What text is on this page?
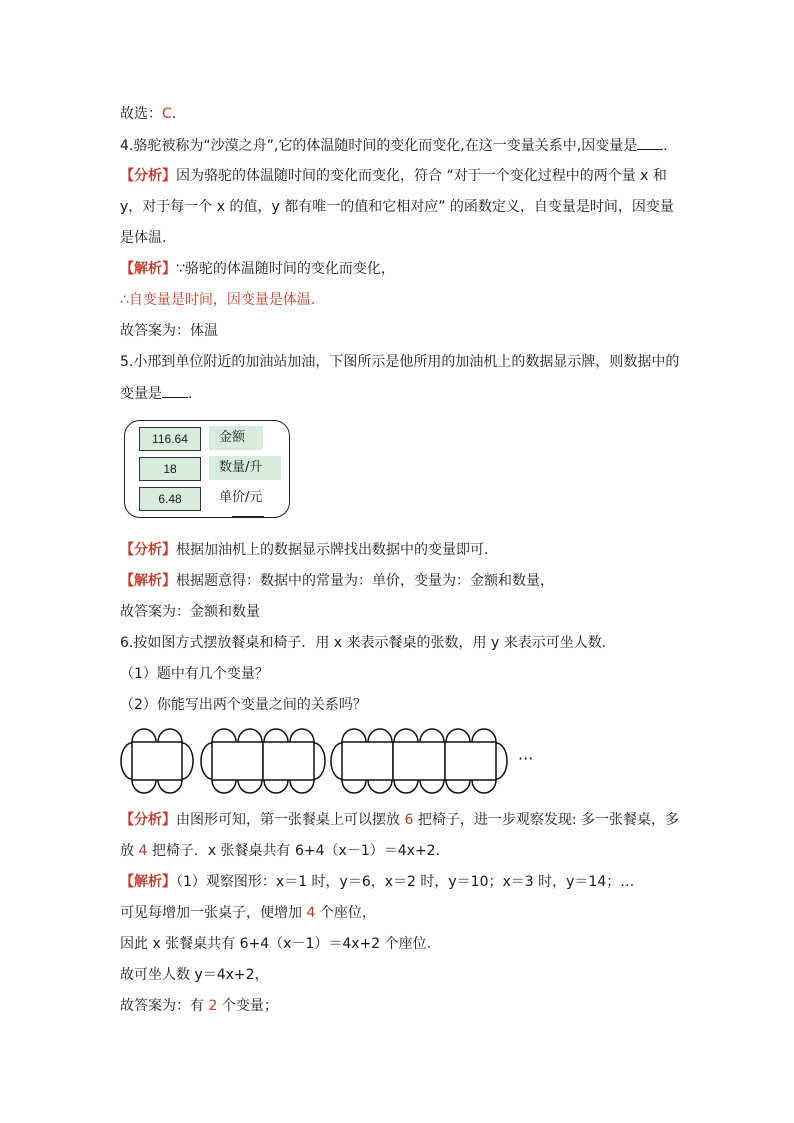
故选：C.
4.骆驼被称为“沙漠之舟”,它的体温随时间的变化而变化,在这一变量关系中,因变量是 .
【分析】因为骆驼的体温随时间的变化而变化，符合 “对于一个变化过程中的两个量 x 和
y，对于每一个 x 的值，y 都有唯一的值和它相对应” 的函数定义，自变量是时间，因变量
是体温.
【解析】∵骆驼的体温随时间的变化而变化，
∴自变量是时间，因变量是体温.
故答案为：体温
5.小邢到单位附近的加油站加油，下图所示是他所用的加油机上的数据显示牌，则数据中的
变量是 .
116.64	金额
18	数量/升
6.48	单价/元
【分析】根据加油机上的数据显示牌找出数据中的变量即可.
【解析】根据题意得：数据中的常量为：单价，变量为：金额和数量，
故答案为：金额和数量
6.按如图方式摆放餐桌和椅子．用 x 来表示餐桌的张数，用 y 来表示可坐人数.
（1）题中有几个变量？
（2）你能写出两个变量之间的关系吗？
···
【分析】由图形可知，第一张餐桌上可以摆放 6 把椅子，进一步观察发现: 多一张餐桌，多
放 4 把椅子．x 张餐桌共有 6+4（x－1）＝4x+2.
【解析】（1）观察图形：x＝1 时，y＝6，x＝2 时，y＝10；x＝3 时，y＝14；…
可见每增加一张桌子，便增加 4 个座位，
因此 x 张餐桌共有 6+4（x－1）＝4x+2 个座位.
故可坐人数 y＝4x+2，
故答案为：有 2 个变量；
